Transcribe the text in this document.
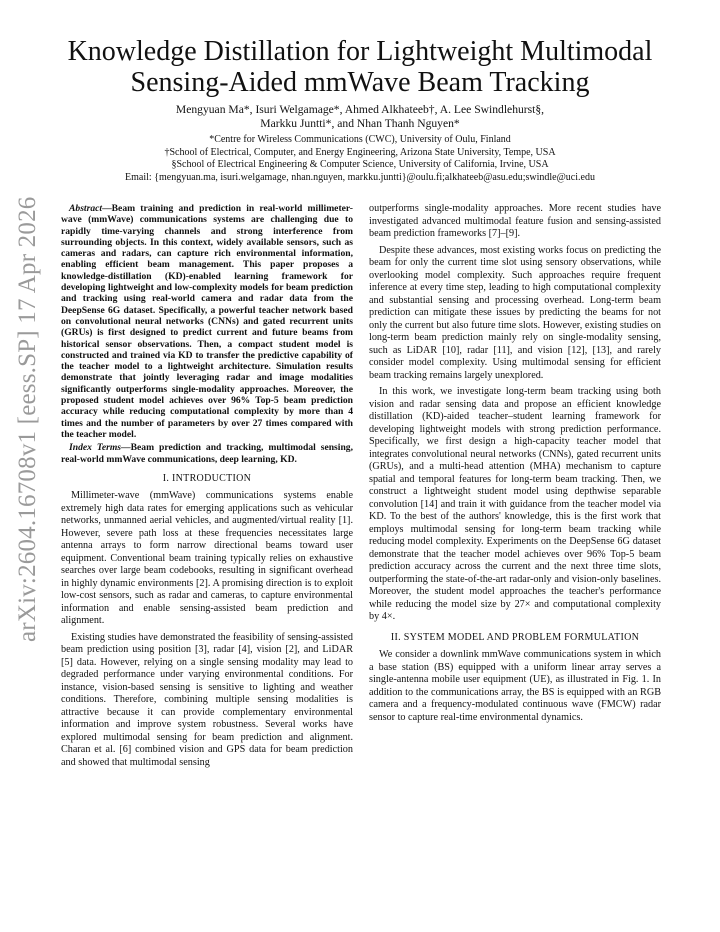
arXiv:2604.16708v1 [eess.SP] 17 Apr 2026
Knowledge Distillation for Lightweight Multimodal Sensing-Aided mmWave Beam Tracking
Mengyuan Ma*, Isuri Welgamage*, Ahmed Alkhateeb†, A. Lee Swindlehurst§,
Markku Juntti*, and Nhan Thanh Nguyen*
*Centre for Wireless Communications (CWC), University of Oulu, Finland
†School of Electrical, Computer, and Energy Engineering, Arizona State University, Tempe, USA
§School of Electrical Engineering & Computer Science, University of California, Irvine, USA
Email: {mengyuan.ma, isuri.welgamage, nhan.nguyen, markku.juntti}@oulu.fi;alkhateeb@asu.edu;swindle@uci.edu

Abstract—Beam training and prediction in real-world millimeter-wave (mmWave) communications systems are challenging due to rapidly time-varying channels and strong interference from surrounding objects. In this context, widely available sensors, such as cameras and radars, can capture rich environmental information, enabling efficient beam management. This paper proposes a knowledge-distillation (KD)-enabled learning framework for developing lightweight and low-complexity models for beam prediction and tracking using real-world camera and radar data from the DeepSense 6G dataset. Specifically, a powerful teacher network based on convolutional neural networks (CNNs) and gated recurrent units (GRUs) is first designed to predict current and future beams from historical sensor observations. Then, a compact student model is constructed and trained via KD to transfer the predictive capability of the teacher model to a lightweight architecture. Simulation results demonstrate that jointly leveraging radar and image modalities significantly outperforms single-modality approaches. Moreover, the proposed student model achieves over 96% Top-5 beam prediction accuracy while reducing computational complexity by more than 4 times and the number of parameters by over 27 times compared with the teacher model.

Index Terms—Beam prediction and tracking, multimodal sensing, real-world mmWave communications, deep learning, KD.

I. INTRODUCTION

Millimeter-wave (mmWave) communications systems enable extremely high data rates for emerging applications such as vehicular networks, unmanned aerial vehicles, and augmented/virtual reality [1]. However, severe path loss at these frequencies necessitates large antenna arrays to form narrow directional beams toward user equipment. Conventional beam training typically relies on exhaustive searches over large beam codebooks, resulting in significant overhead in highly dynamic environments [2]. A promising direction is to exploit low-cost sensors, such as radar and cameras, to capture environmental information and enable sensing-assisted beam prediction and alignment.

Existing studies have demonstrated the feasibility of sensing-assisted beam prediction using position [3], radar [4], vision [2], and LiDAR [5] data. However, relying on a single sensing modality may lead to degraded performance under varying environmental conditions. For instance, vision-based sensing is sensitive to lighting and weather conditions. Therefore, combining multiple sensing modalities is attractive because it can provide complementary environmental information and improve system robustness. Several works have explored multimodal sensing for beam prediction and alignment. Charan et al. [6] combined vision and GPS data for beam prediction and showed that multimodal sensing

outperforms single-modality approaches. More recent studies have investigated advanced multimodal feature fusion and sensing-assisted beam prediction frameworks [7]–[9].

Despite these advances, most existing works focus on predicting the beam for only the current time slot using sensory observations, while overlooking model complexity. Such approaches require frequent inference at every time step, leading to high computational complexity and substantial sensing and processing overhead. Long-term beam prediction can mitigate these issues by predicting the beams for not only the current but also future time slots. However, existing studies on long-term beam prediction mainly rely on single-modality sensing, such as LiDAR [10], radar [11], and vision [12], [13], and rarely consider model complexity. Using multimodal sensing for efficient beam tracking remains largely unexplored.

In this work, we investigate long-term beam tracking using both vision and radar sensing data and propose an efficient knowledge distillation (KD)-aided teacher–student learning framework for developing lightweight models with strong prediction performance. Specifically, we first design a high-capacity teacher model that integrates convolutional neural networks (CNNs), gated recurrent units (GRUs), and a multi-head attention (MHA) mechanism to capture spatial and temporal features for long-term beam tracking. Then, we construct a lightweight student model using depthwise separable convolution [14] and train it with guidance from the teacher model via KD. To the best of the authors' knowledge, this is the first work that employs multimodal sensing for long-term beam tracking while reducing model complexity. Experiments on the DeepSense 6G dataset demonstrate that the teacher model achieves over 96% Top-5 beam prediction accuracy across the current and the next three time slots, outperforming the state-of-the-art radar-only and vision-only baselines. Moreover, the student model approaches the teacher's performance while reducing the model size by 27× and computational complexity by 4×.

II. SYSTEM MODEL AND PROBLEM FORMULATION

We consider a downlink mmWave communications system in which a base station (BS) equipped with a uniform linear array serves a single-antenna mobile user equipment (UE), as illustrated in Fig. 1. In addition to the communications array, the BS is equipped with an RGB camera and a frequency-modulated continuous wave (FMCW) radar sensor to capture real-time environmental dynamics.
